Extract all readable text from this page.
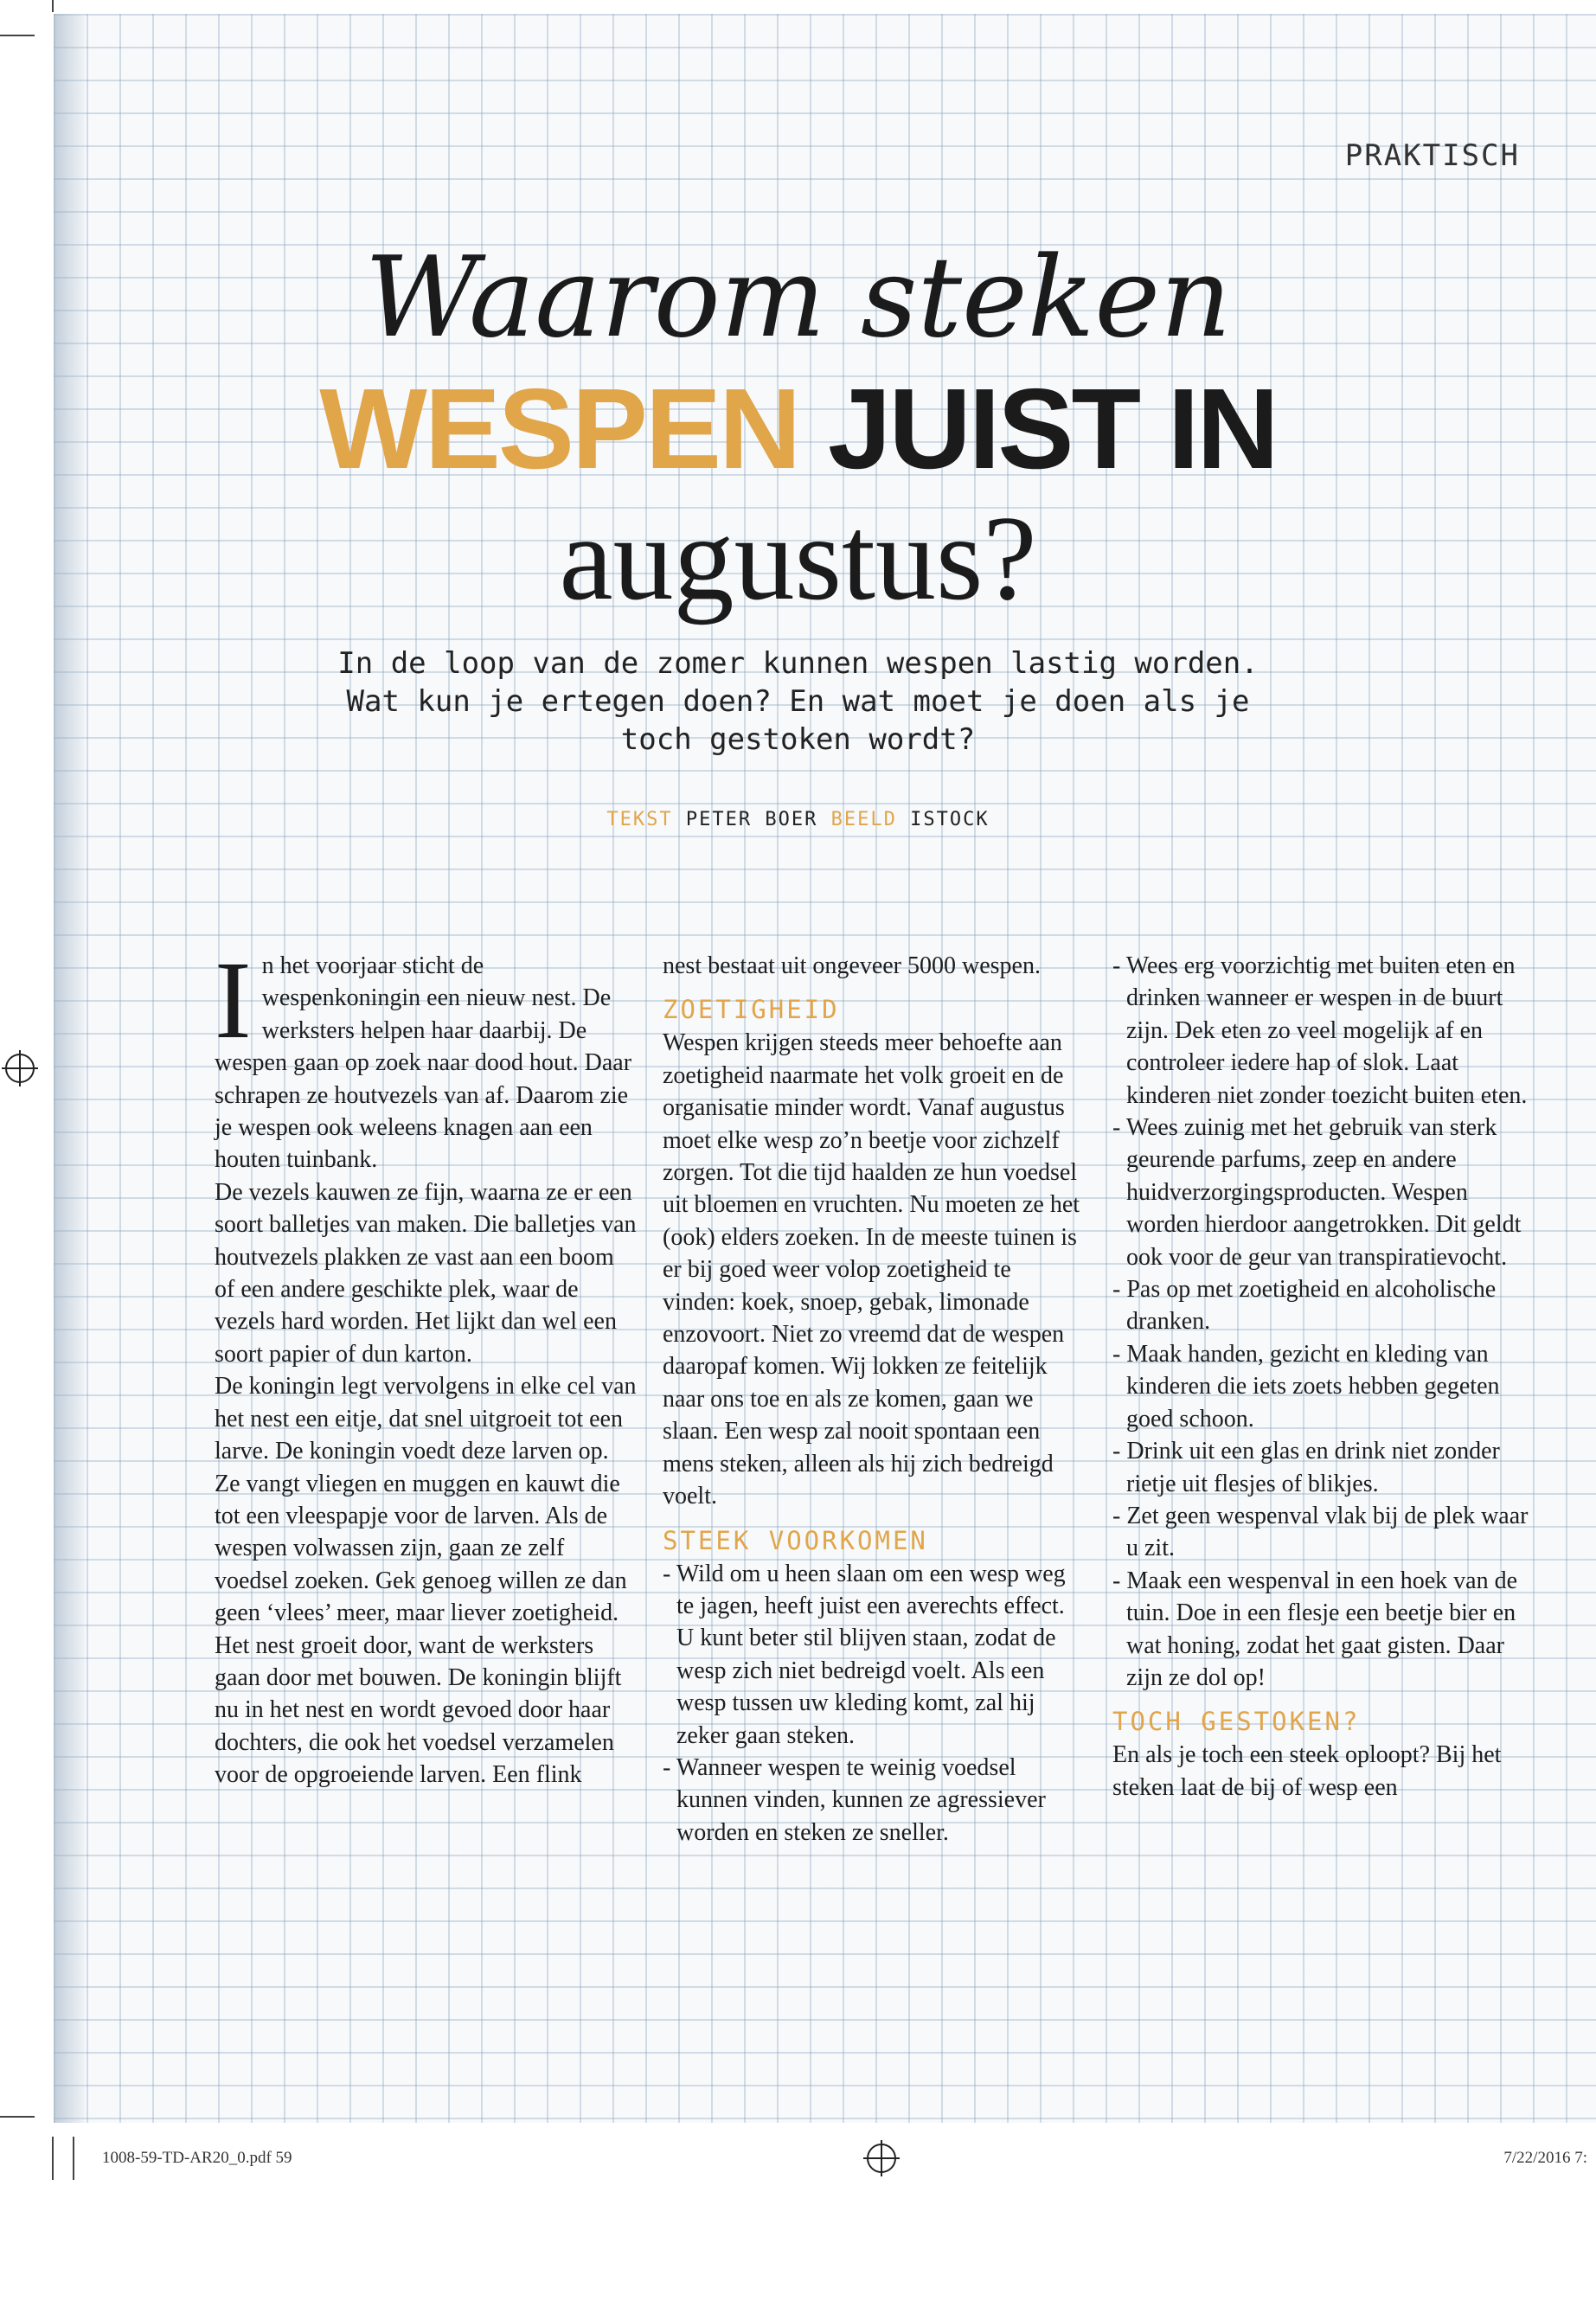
PRAKTISCH
Waarom steken
WESPEN JUIST IN
augustus?
In de loop van de zomer kunnen wespen lastig worden.
Wat kun je ertegen doen? En wat moet je doen als je
toch gestoken wordt?
TEKST PETER BOER BEELD ISTOCK

In het voorjaar sticht de wespenkoningin een nieuw nest. De werksters helpen haar daarbij. De wespen gaan op zoek naar dood hout. Daar schrapen ze houtvezels van af. Daarom zie je wespen ook weleens knagen aan een houten tuinbank.

De vezels kauwen ze fijn, waarna ze er een soort balletjes van maken. Die balletjes van houtvezels plakken ze vast aan een boom of een andere geschikte plek, waar de vezels hard worden. Het lijkt dan wel een soort papier of dun karton.

De koningin legt vervolgens in elke cel van het nest een eitje, dat snel uitgroeit tot een larve. De koningin voedt deze larven op. Ze vangt vliegen en muggen en kauwt die tot een vleespapje voor de larven. Als de wespen volwassen zijn, gaan ze zelf voedsel zoeken. Gek genoeg willen ze dan geen ‘vlees’ meer, maar liever zoetigheid.

Het nest groeit door, want de werksters gaan door met bouwen. De koningin blijft nu in het nest en wordt gevoed door haar dochters, die ook het voedsel verzamelen voor de opgroeiende larven. Een flink

nest bestaat uit ongeveer 5000 wespen.

ZOETIGHEID

Wespen krijgen steeds meer behoefte aan zoetigheid naarmate het volk groeit en de organisatie minder wordt. Vanaf augustus moet elke wesp zo’n beetje voor zichzelf zorgen. Tot die tijd haalden ze hun voedsel uit bloemen en vruchten. Nu moeten ze het (ook) elders zoeken. In de meeste tuinen is er bij goed weer volop zoetigheid te vinden: koek, snoep, gebak, limonade enzovoort. Niet zo vreemd dat de wespen daaropaf komen. Wij lokken ze feitelijk naar ons toe en als ze komen, gaan we slaan. Een wesp zal nooit spontaan een mens steken, alleen als hij zich bedreigd voelt.

STEEK VOORKOMEN
- Wild om u heen slaan om een wesp weg te jagen, heeft juist een averechts effect. U kunt beter stil blijven staan, zodat de wesp zich niet bedreigd voelt. Als een wesp tussen uw kleding komt, zal hij zeker gaan steken.
- Wanneer wespen te weinig voedsel kunnen vinden, kunnen ze agressiever worden en steken ze sneller.
- Wees erg voorzichtig met buiten eten en drinken wanneer er wespen in de buurt zijn. Dek eten zo veel mogelijk af en controleer iedere hap of slok. Laat kinderen niet zonder toezicht buiten eten.
- Wees zuinig met het gebruik van sterk geurende parfums, zeep en andere huidverzorgingsproducten. Wespen worden hierdoor aangetrokken. Dit geldt ook voor de geur van transpiratievocht.
- Pas op met zoetigheid en alcoholische dranken.
- Maak handen, gezicht en kleding van kinderen die iets zoets hebben gegeten goed schoon.
- Drink uit een glas en drink niet zonder rietje uit flesjes of blikjes.
- Zet geen wespenval vlak bij de plek waar u zit.
- Maak een wespenval in een hoek van de tuin. Doe in een flesje een beetje bier en wat honing, zodat het gaat gisten. Daar zijn ze dol op!
TOCH GESTOKEN?

En als je toch een steek oploopt? Bij het steken laat de bij of wesp een

1008-59-TD-AR20_0.pdf 59	7/22/2016 7:
